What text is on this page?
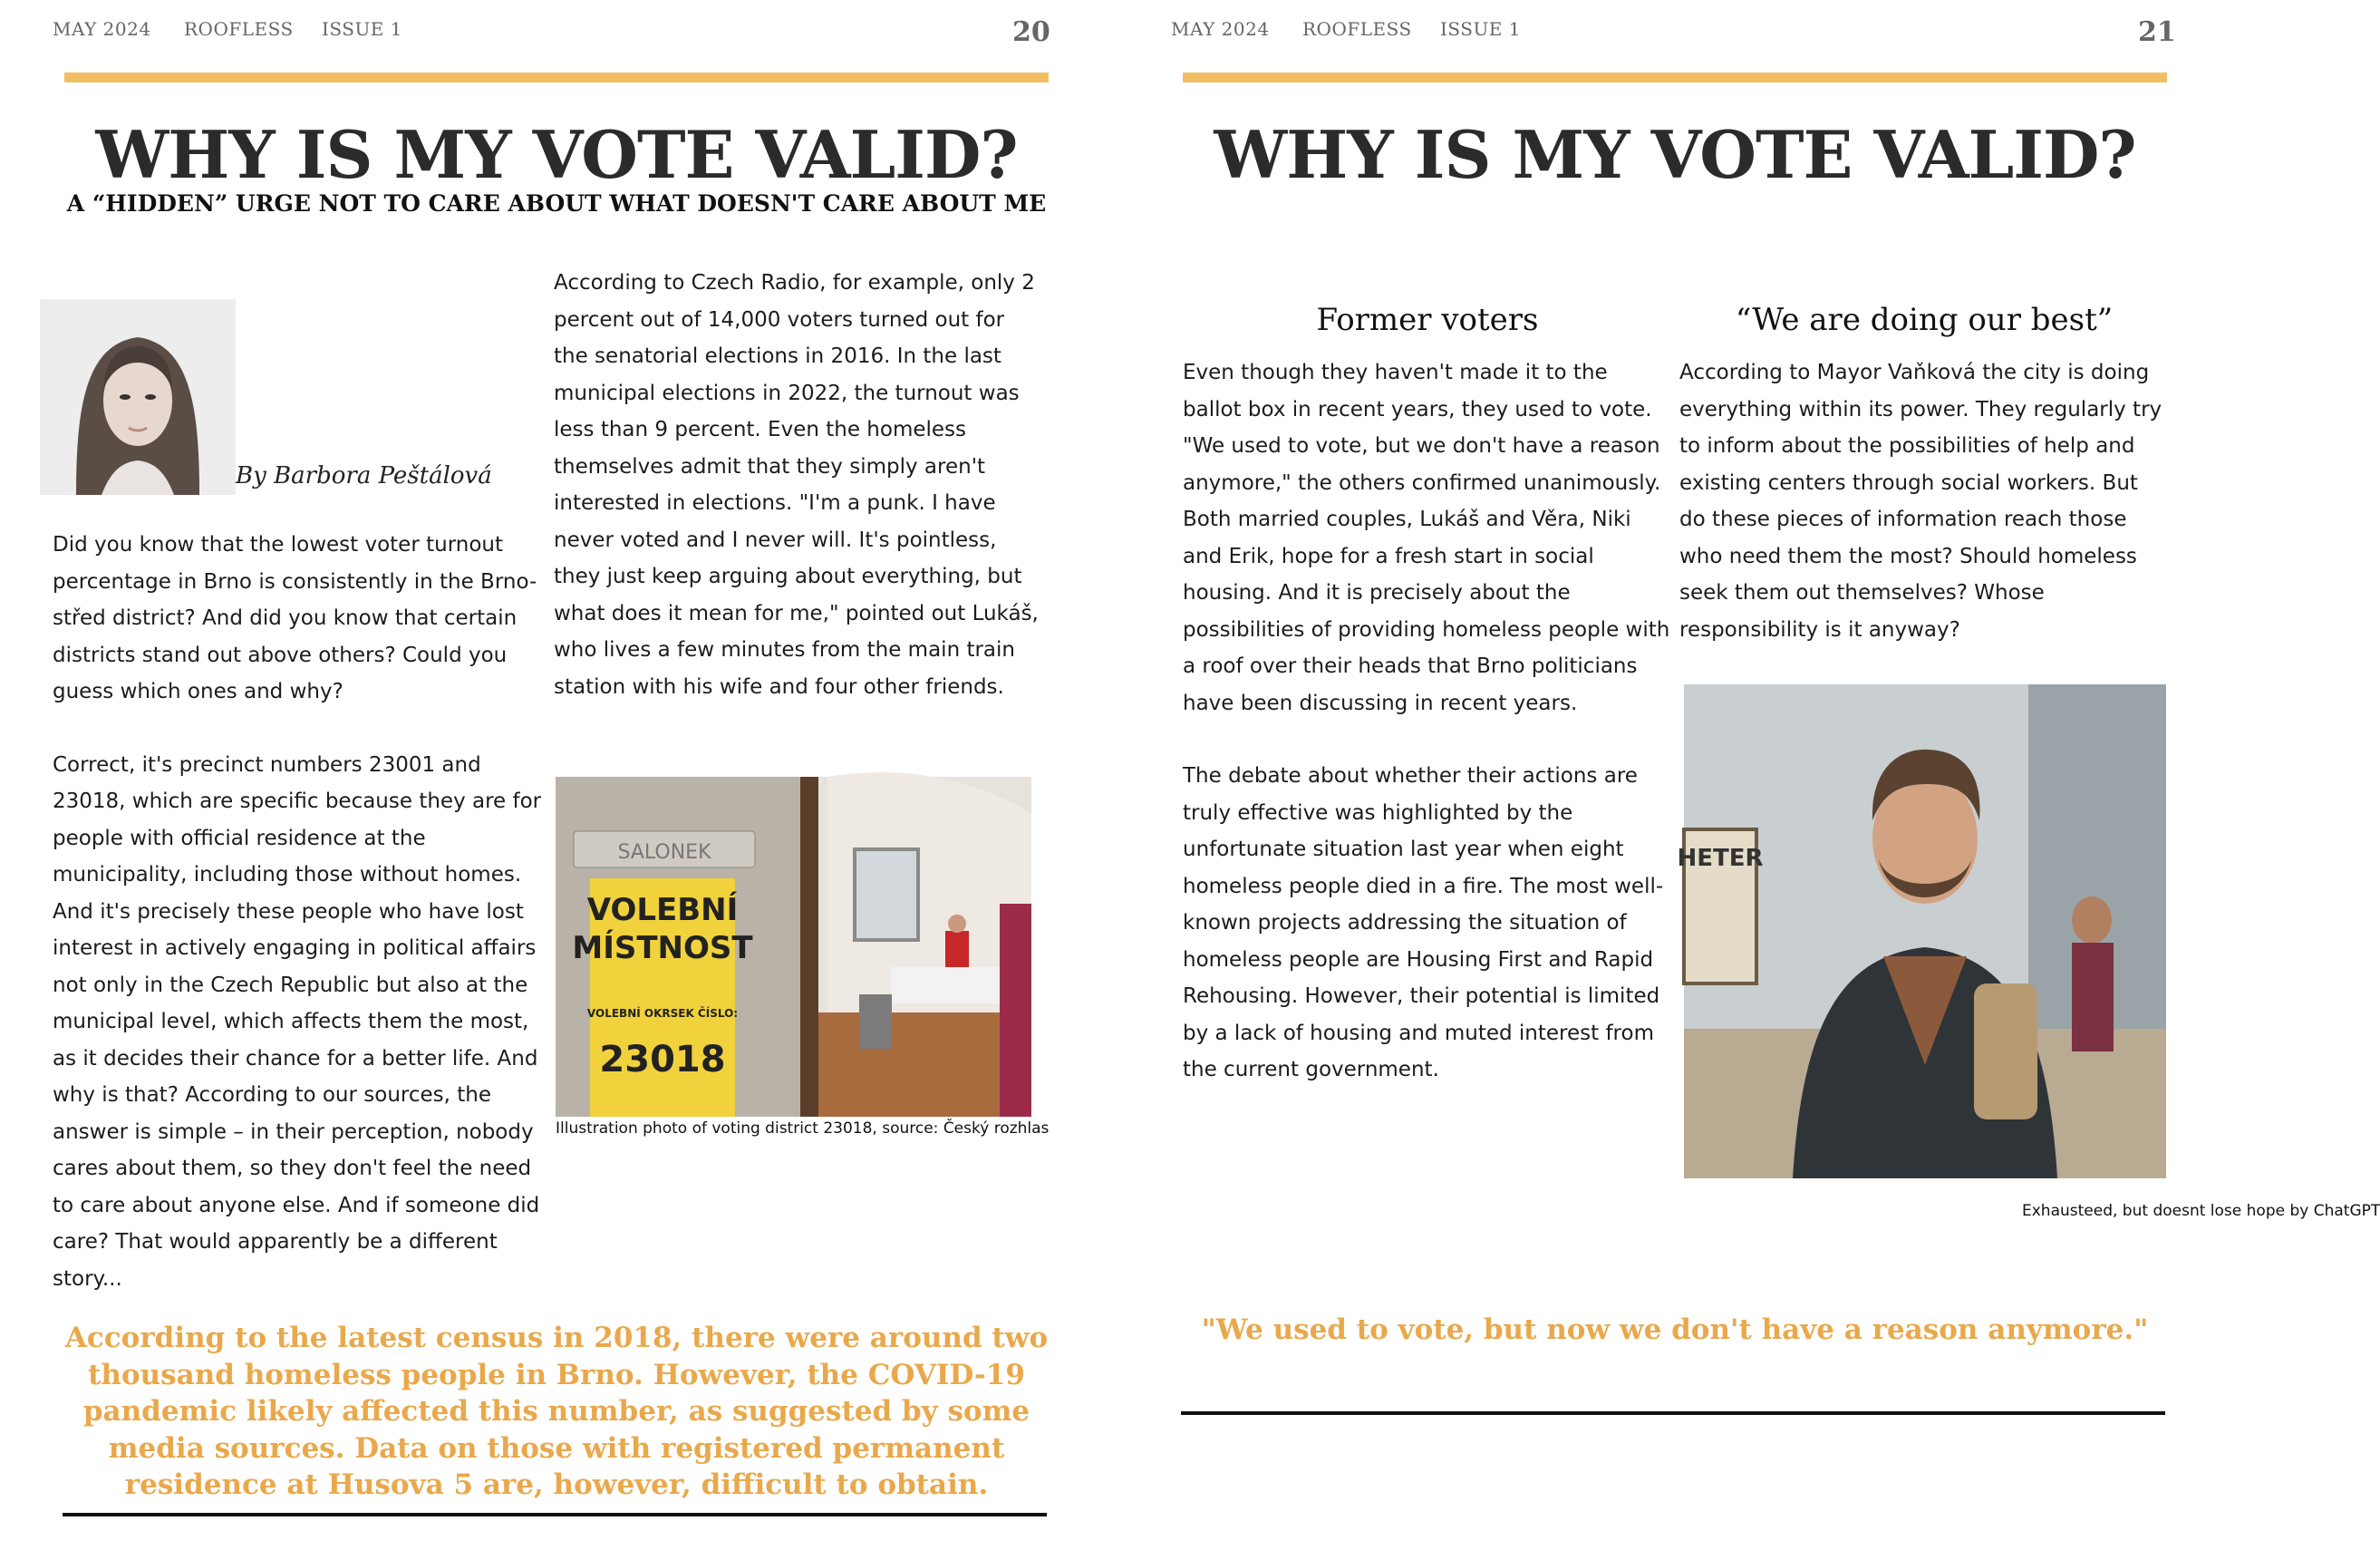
MAY 2024 ROOFLESS ISSUE 1	20
WHY IS MY VOTE VALID?
A “HIDDEN” URGE NOT TO CARE ABOUT WHAT DOESN'T CARE ABOUT ME
By Barbora Peštálová

Did you know that the lowest voter turnout percentage in Brno is consistently in the Brno-střed district? And did you know that certain districts stand out above others? Could you guess which ones and why?

Correct, it's precinct numbers 23001 and 23018, which are specific because they are for people with official residence at the municipality, including those without homes. And it's precisely these people who have lost interest in actively engaging in political affairs not only in the Czech Republic but also at the municipal level, which affects them the most, as it decides their chance for a better life. And why is that? According to our sources, the answer is simple – in their perception, nobody cares about them, so they don't feel the need to care about anyone else. And if someone did care? That would apparently be a different story...

According to Czech Radio, for example, only 2 percent out of 14,000 voters turned out for the senatorial elections in 2016. In the last municipal elections in 2022, the turnout was less than 9 percent. Even the homeless themselves admit that they simply aren't interested in elections. "I'm a punk. I have never voted and I never will. It's pointless, they just keep arguing about everything, but what does it mean for me," pointed out Lukáš, who lives a few minutes from the main train station with his wife and four other friends.

SALONEK
VOLEBNÍ
MÍSTNOST
VOLEBNÍ OKRSEK ČÍSLO:
23018
Illustration photo of voting district 23018, source: Český rozhlas
According to the latest census in 2018, there were around two thousand homeless people in Brno. However, the COVID-19 pandemic likely affected this number, as suggested by some media sources. Data on those with registered permanent residence at Husova 5 are, however, difficult to obtain.
MAY 2024 ROOFLESS ISSUE 1	21
WHY IS MY VOTE VALID?
Former voters

Even though they haven't made it to the ballot box in recent years, they used to vote. "We used to vote, but we don't have a reason anymore," the others confirmed unanimously. Both married couples, Lukáš and Věra, Niki and Erik, hope for a fresh start in social housing. And it is precisely about the possibilities of providing homeless people with a roof over their heads that Brno politicians have been discussing in recent years.

The debate about whether their actions are truly effective was highlighted by the unfortunate situation last year when eight homeless people died in a fire. The most well-known projects addressing the situation of homeless people are Housing First and Rapid Rehousing. However, their potential is limited by a lack of housing and muted interest from the current government.

“We are doing our best”

According to Mayor Vaňková the city is doing everything within its power. They regularly try to inform about the possibilities of help and existing centers through social workers. But do these pieces of information reach those who need them the most? Should homeless seek them out themselves? Whose responsibility is it anyway?

HETER
Exhausteed, but doesnt lose hope by ChatGPT
"We used to vote, but now we don't have a reason anymore."
